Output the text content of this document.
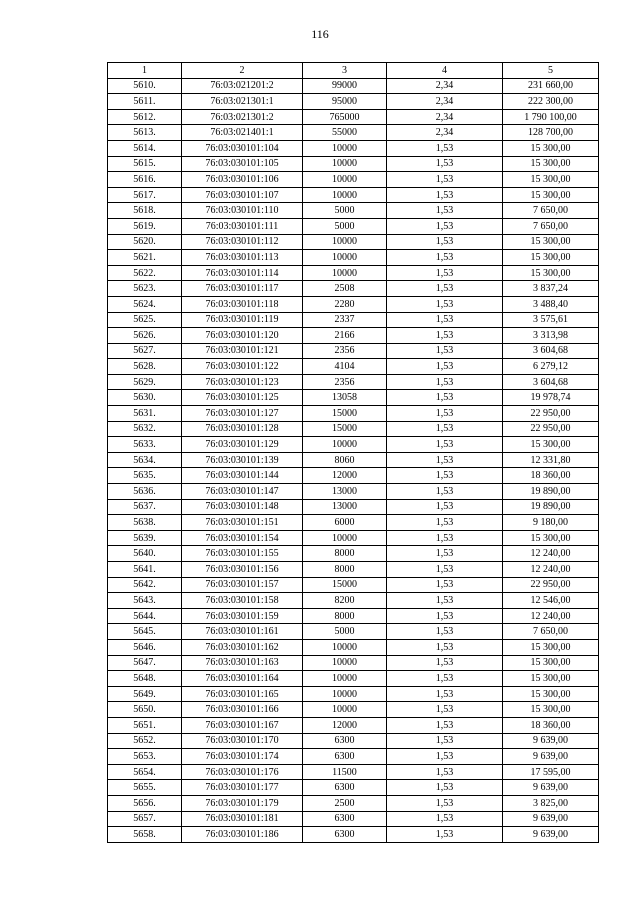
116
1	2	3	4	5
5610.	76:03:021201:2	99000	2,34	231 660,00
5611.	76:03:021301:1	95000	2,34	222 300,00
5612.	76:03:021301:2	765000	2,34	1 790 100,00
5613.	76:03:021401:1	55000	2,34	128 700,00
5614.	76:03:030101:104	10000	1,53	15 300,00
5615.	76:03:030101:105	10000	1,53	15 300,00
5616.	76:03:030101:106	10000	1,53	15 300,00
5617.	76:03:030101:107	10000	1,53	15 300,00
5618.	76:03:030101:110	5000	1,53	7 650,00
5619.	76:03:030101:111	5000	1,53	7 650,00
5620.	76:03:030101:112	10000	1,53	15 300,00
5621.	76:03:030101:113	10000	1,53	15 300,00
5622.	76:03:030101:114	10000	1,53	15 300,00
5623.	76:03:030101:117	2508	1,53	3 837,24
5624.	76:03:030101:118	2280	1,53	3 488,40
5625.	76:03:030101:119	2337	1,53	3 575,61
5626.	76:03:030101:120	2166	1,53	3 313,98
5627.	76:03:030101:121	2356	1,53	3 604,68
5628.	76:03:030101:122	4104	1,53	6 279,12
5629.	76:03:030101:123	2356	1,53	3 604,68
5630.	76:03:030101:125	13058	1,53	19 978,74
5631.	76:03:030101:127	15000	1,53	22 950,00
5632.	76:03:030101:128	15000	1,53	22 950,00
5633.	76:03:030101:129	10000	1,53	15 300,00
5634.	76:03:030101:139	8060	1,53	12 331,80
5635.	76:03:030101:144	12000	1,53	18 360,00
5636.	76:03:030101:147	13000	1,53	19 890,00
5637.	76:03:030101:148	13000	1,53	19 890,00
5638.	76:03:030101:151	6000	1,53	9 180,00
5639.	76:03:030101:154	10000	1,53	15 300,00
5640.	76:03:030101:155	8000	1,53	12 240,00
5641.	76:03:030101:156	8000	1,53	12 240,00
5642.	76:03:030101:157	15000	1,53	22 950,00
5643.	76:03:030101:158	8200	1,53	12 546,00
5644.	76:03:030101:159	8000	1,53	12 240,00
5645.	76:03:030101:161	5000	1,53	7 650,00
5646.	76:03:030101:162	10000	1,53	15 300,00
5647.	76:03:030101:163	10000	1,53	15 300,00
5648.	76:03:030101:164	10000	1,53	15 300,00
5649.	76:03:030101:165	10000	1,53	15 300,00
5650.	76:03:030101:166	10000	1,53	15 300,00
5651.	76:03:030101:167	12000	1,53	18 360,00
5652.	76:03:030101:170	6300	1,53	9 639,00
5653.	76:03:030101:174	6300	1,53	9 639,00
5654.	76:03:030101:176	11500	1,53	17 595,00
5655.	76:03:030101:177	6300	1,53	9 639,00
5656.	76:03:030101:179	2500	1,53	3 825,00
5657.	76:03:030101:181	6300	1,53	9 639,00
5658.	76:03:030101:186	6300	1,53	9 639,00
